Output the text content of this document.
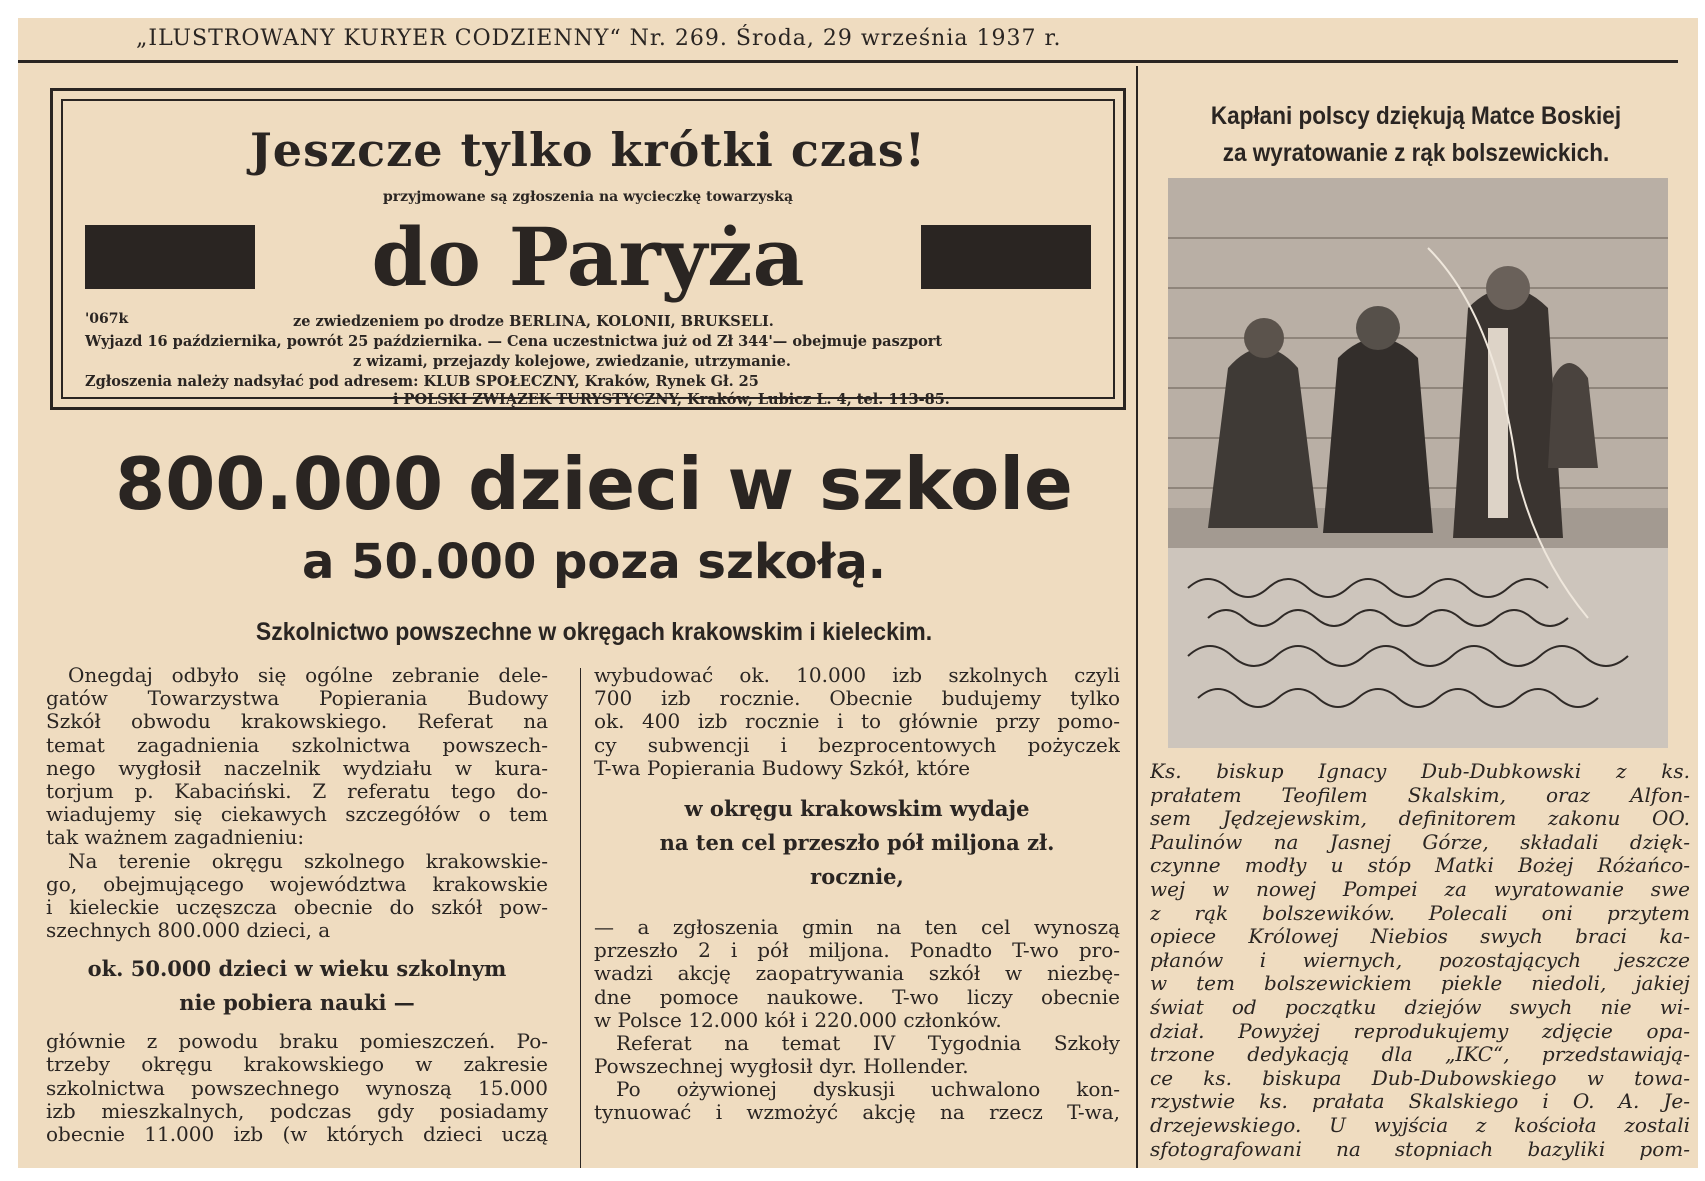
„ILUSTROWANY KURYER CODZIENNY“ Nr. 269. Środa, 29 września 1937 r.
Jeszcze tylko krótki czas!
przyjmowane są zgłoszenia na wycieczkę towarzyską
do Paryża
'067k	ze zwiedzeniem po drodze BERLINA, KOLONII, BRUKSELI.
Wyjazd 16 października, powrót 25 października. — Cena uczestnictwa już od Zł 344'— obejmuje paszport
z wizami, przejazdy kolejowe, zwiedzanie, utrzymanie.
Zgłoszenia należy nadsyłać pod adresem: KLUB SPOŁECZNY, Kraków, Rynek Gł. 25
i POLSKI ZWIĄZEK TURYSTYCZNY, Kraków, Lubicz L. 4, tel. 113-85.
800.000 dzieci w szkole
a 50.000 poza szkołą.
Szkolnictwo powszechne w okręgach krakowskim i kieleckim.
Onegdaj odbyło się ogólne zebranie dele-
gatów Towarzystwa Popierania Budowy
Szkół obwodu krakowskiego. Referat na
temat zagadnienia szkolnictwa powszech-
nego wygłosił naczelnik wydziału w kura-
torjum p. Kabaciński. Z referatu tego do-
wiadujemy się ciekawych szczegółów o tem
tak ważnem zagadnieniu:
Na terenie okręgu szkolnego krakowskie-
go, obejmującego województwa krakowskie
i kieleckie uczęszcza obecnie do szkół pow-
szechnych 800.000 dzieci, a
ok. 50.000 dzieci w wieku szkolnym
nie pobiera nauki —
głównie z powodu braku pomieszczeń. Po-
trzeby okręgu krakowskiego w zakresie
szkolnictwa powszechnego wynoszą 15.000
izb mieszkalnych, podczas gdy posiadamy
obecnie 11.000 izb (w których dzieci uczą
wybudować ok. 10.000 izb szkolnych czyli
700 izb rocznie. Obecnie budujemy tylko
ok. 400 izb rocznie i to głównie przy pomo-
cy subwencji i bezprocentowych pożyczek
T-wa Popierania Budowy Szkół, które
w okręgu krakowskim wydaje
na ten cel przeszło pół miljona zł.
rocznie,
— a zgłoszenia gmin na ten cel wynoszą
przeszło 2 i pół miljona. Ponadto T-wo pro-
wadzi akcję zaopatrywania szkół w niezbę-
dne pomoce naukowe. T-wo liczy obecnie
w Polsce 12.000 kół i 220.000 członków.
Referat na temat IV Tygodnia Szkoły
Powszechnej wygłosił dyr. Hollender.
Po ożywionej dyskusji uchwalono kon-
tynuować i wzmożyć akcję na rzecz T-wa,
Kapłani polscy dziękują Matce Boskiej
za wyratowanie z rąk bolszewickich.
Ks. biskup Ignacy Dub-Dubkowski z ks.
prałatem Teofilem Skalskim, oraz Alfon-
sem Jędzejewskim, definitorem zakonu OO.
Paulinów na Jasnej Górze, składali dzięk-
czynne modły u stóp Matki Bożej Różańco-
wej w nowej Pompei za wyratowanie swe
z rąk bolszewików. Polecali oni przytem
opiece Królowej Niebios swych braci ka-
płanów i wiernych, pozostających jeszcze
w tem bolszewickiem piekle niedoli, jakiej
świat od początku dziejów swych nie wi-
dział. Powyżej reprodukujemy zdjęcie opa-
trzone dedykacją dla „IKC“, przedstawiają-
ce ks. biskupa Dub-Dubowskiego w towa-
rzystwie ks. prałata Skalskiego i O. A. Je-
drzejewskiego. U wyjścia z kościoła zostali
sfotografowani na stopniach bazyliki pom-
